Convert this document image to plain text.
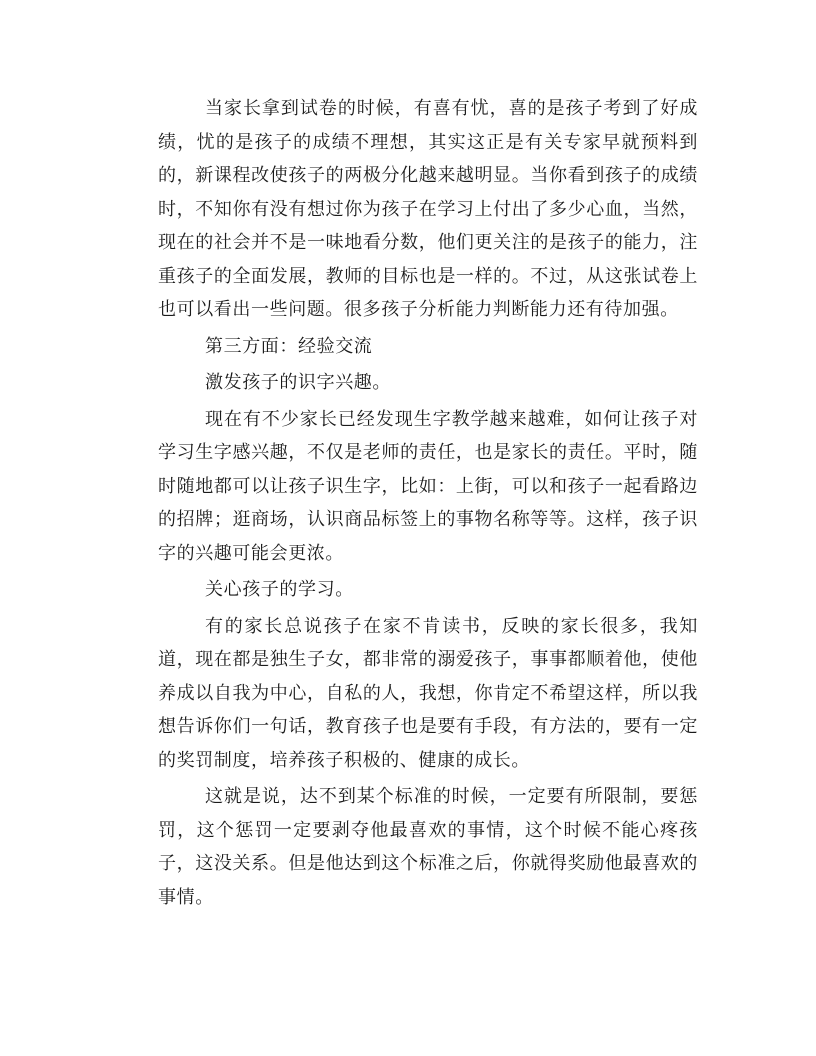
当家长拿到试卷的时候，有喜有忧，喜的是孩子考到了好成绩，忧的是孩子的成绩不理想，其实这正是有关专家早就预料到的，新课程改使孩子的两极分化越来越明显。当你看到孩子的成绩时，不知你有没有想过你为孩子在学习上付出了多少心血，当然，现在的社会并不是一味地看分数，他们更关注的是孩子的能力，注重孩子的全面发展，教师的目标也是一样的。不过，从这张试卷上也可以看出一些问题。很多孩子分析能力判断能力还有待加强。

第三方面：经验交流

激发孩子的识字兴趣。

现在有不少家长已经发现生字教学越来越难，如何让孩子对学习生字感兴趣，不仅是老师的责任，也是家长的责任。平时，随时随地都可以让孩子识生字，比如：上街，可以和孩子一起看路边的招牌；逛商场，认识商品标签上的事物名称等等。这样，孩子识字的兴趣可能会更浓。

关心孩子的学习。

有的家长总说孩子在家不肯读书，反映的家长很多，我知道，现在都是独生子女，都非常的溺爱孩子，事事都顺着他，使他养成以自我为中心，自私的人，我想，你肯定不希望这样，所以我想告诉你们一句话，教育孩子也是要有手段，有方法的，要有一定的奖罚制度，培养孩子积极的、健康的成长。

这就是说，达不到某个标准的时候，一定要有所限制，要惩罚，这个惩罚一定要剥夺他最喜欢的事情，这个时候不能心疼孩子，这没关系。但是他达到这个标准之后，你就得奖励他最喜欢的事情。
